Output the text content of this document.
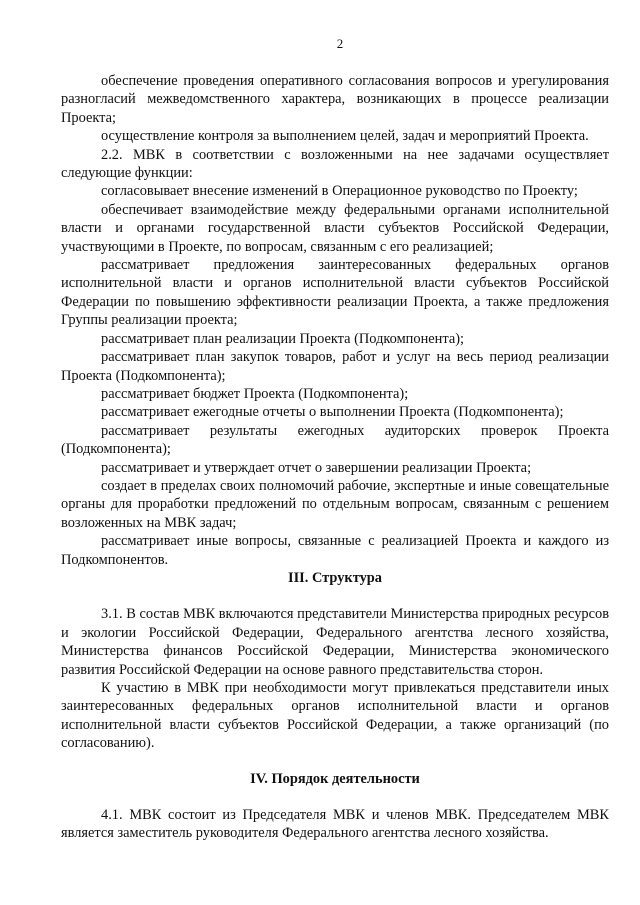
2

обеспечение проведения оперативного согласования вопросов и урегулирования разногласий межведомственного характера, возникающих в процессе реализации Проекта;

осуществление контроля за выполнением целей, задач и мероприятий Проекта.

2.2. МВК в соответствии с возложенными на нее задачами осуществляет следующие функции:

согласовывает внесение изменений в Операционное руководство по Проекту;

обеспечивает взаимодействие между федеральными органами исполнительной власти и органами государственной власти субъектов Российской Федерации, участвующими в Проекте, по вопросам, связанным с его реализацией;

рассматривает предложения заинтересованных федеральных органов исполнительной власти и органов исполнительной власти субъектов Российской Федерации по повышению эффективности реализации Проекта, а также предложения Группы реализации проекта;

рассматривает план реализации Проекта (Подкомпонента);

рассматривает план закупок товаров, работ и услуг на весь период реализации Проекта (Подкомпонента);

рассматривает бюджет Проекта (Подкомпонента);

рассматривает ежегодные отчеты о выполнении Проекта (Подкомпонента);

рассматривает результаты ежегодных аудиторских проверок Проекта (Подкомпонента);

рассматривает и утверждает отчет о завершении реализации Проекта;

создает в пределах своих полномочий рабочие, экспертные и иные совещательные органы для проработки предложений по отдельным вопросам, связанным с решением возложенных на МВК задач;

рассматривает иные вопросы, связанные с реализацией Проекта и каждого из Подкомпонентов.

III. Структура

3.1. В состав МВК включаются представители Министерства природных ресурсов и экологии Российской Федерации, Федерального агентства лесного хозяйства, Министерства финансов Российской Федерации, Министерства экономического развития Российской Федерации на основе равного представительства сторон.

К участию в МВК при необходимости могут привлекаться представители иных заинтересованных федеральных органов исполнительной власти и органов исполнительной власти субъектов Российской Федерации, а также организаций (по согласованию).

IV. Порядок деятельности

4.1. МВК состоит из Председателя МВК и членов МВК. Председателем МВК является заместитель руководителя Федерального агентства лесного хозяйства.
